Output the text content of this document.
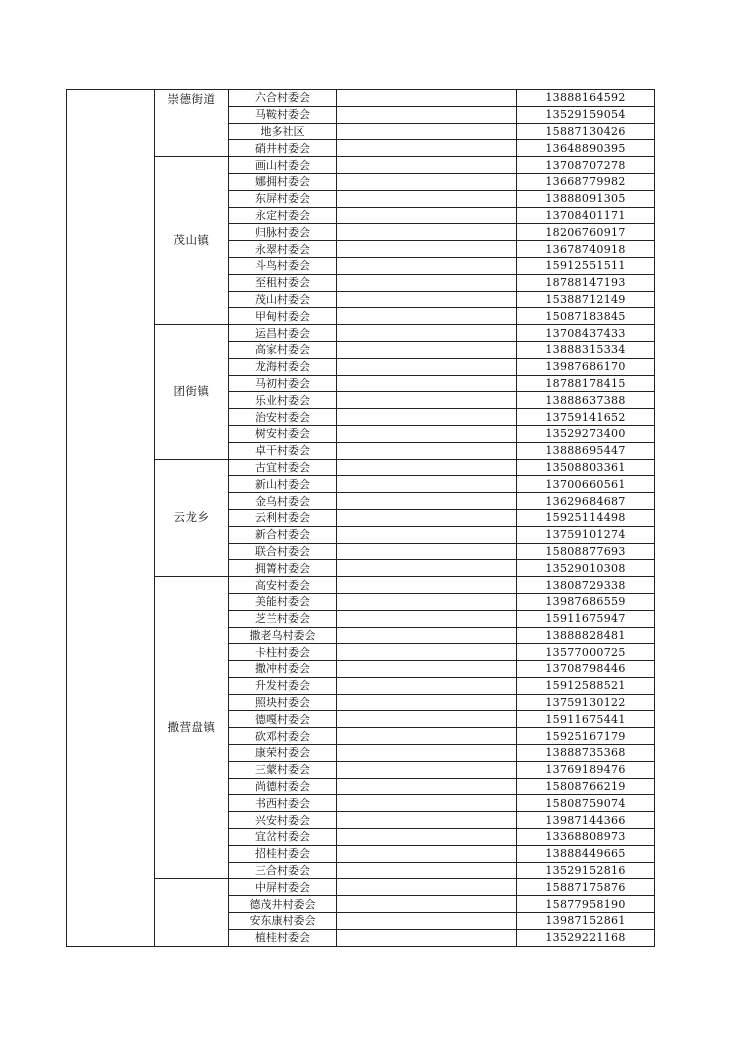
	崇德街道	六合村委会		13888164592
		马鞍村委会		13529159054
		地多社区		15887130426
		硝井村委会		13648890395
	茂山镇	画山村委会		13708707278
		娜拥村委会		13668779982
		东屏村委会		13888091305
		永定村委会		13708401171
		归脉村委会		18206760917
		永翠村委会		13678740918
		斗鸟村委会		15912551511
		至租村委会		18788147193
		茂山村委会		15388712149
		甲甸村委会		15087183845
	团街镇	运昌村委会		13708437433
		高家村委会		13888315334
		龙海村委会		13987686170
		马初村委会		18788178415
		乐业村委会		13888637388
		治安村委会		13759141652
		树安村委会		13529273400
		卓干村委会		13888695447
	云龙乡	古宜村委会		13508803361
		新山村委会		13700660561
		金乌村委会		13629684687
		云利村委会		15925114498
		新合村委会		13759101274
		联合村委会		15808877693
		拥箐村委会		13529010308
	撒营盘镇	高安村委会		13808729338
		美能村委会		13987686559
		芝兰村委会		15911675947
		撒老乌村委会		13888828481
		卡柱村委会		13577000725
		撒冲村委会		13708798446
		升发村委会		15912588521
		照块村委会		13759130122
		德嘎村委会		15911675441
		砍邓村委会		15925167179
		康荣村委会		13888735368
		三蒙村委会		13769189476
		尚德村委会		15808766219
		书西村委会		15808759074
		兴安村委会		13987144366
		宜岔村委会		13368808973
		招桂村委会		13888449665
		三合村委会		13529152816
		中屏村委会		15887175876
		德茂井村委会		15877958190
		安东康村委会		13987152861
		植桂村委会		13529221168
